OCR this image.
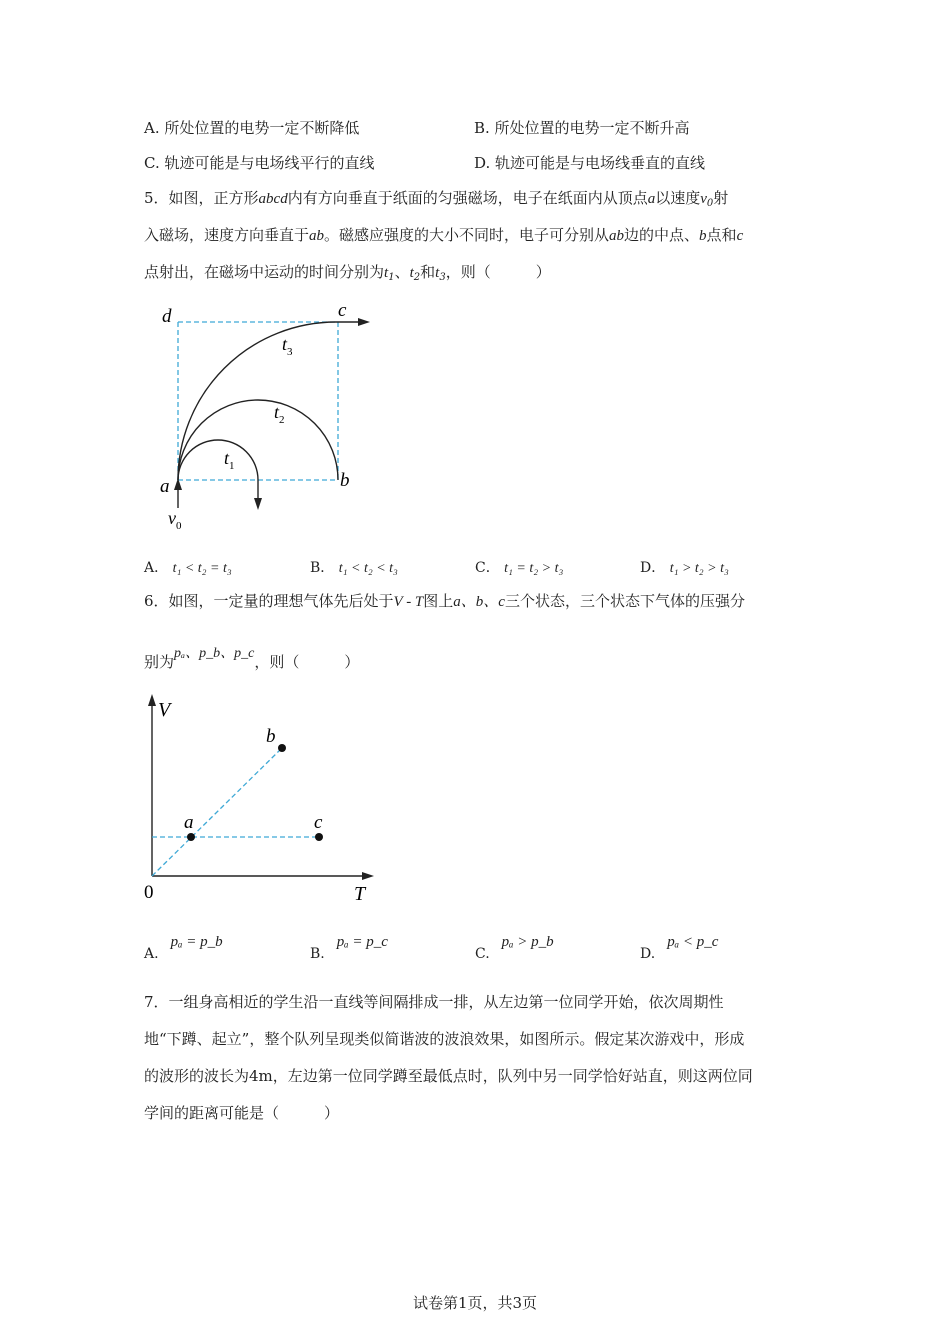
A. 所处位置的电势一定不断降低	B. 所处位置的电势一定不断升高
C. 轨迹可能是与电场线平行的直线	D. 轨迹可能是与电场线垂直的直线
5．如图，正方形abcd内有方向垂直于纸面的匀强磁场，电子在纸面内从顶点a以速度$v_0$射
入磁场，速度方向垂直于ab。磁感应强度的大小不同时，电子可分别从ab边的中点、b点和c
点射出，在磁场中运动的时间分别为$t_1$、$t_2$和$t_3$，则（　　　）
d	c
a	b
$t_3$
$t_2$
$t_1$
$v_0$
A． t₁ < t₂ = t₃	B． t₁ < t₂ < t₃	C． t₁ = t₂ > t₃	D． t₁ > t₂ > t₃
6．如图，一定量的理想气体先后处于V - T图上a、b、c三个状态，三个状态下气体的压强分
别为pₐ、p_b、p_c，则（　　　）
V
T
0
a
b
c
A.pₐ = p_b
B.pₐ = p_c
C.pₐ > p_b
D.pₐ < p_c
7．一组身高相近的学生沿一直线等间隔排成一排，从左边第一位同学开始，依次周期性
地“下蹲、起立”，整个队列呈现类似简谐波的波浪效果，如图所示。假定某次游戏中，形成
的波形的波长为4m，左边第一位同学蹲至最低点时，队列中另一同学恰好站直，则这两位同
学间的距离可能是（　　　）
试卷第1页，共3页
